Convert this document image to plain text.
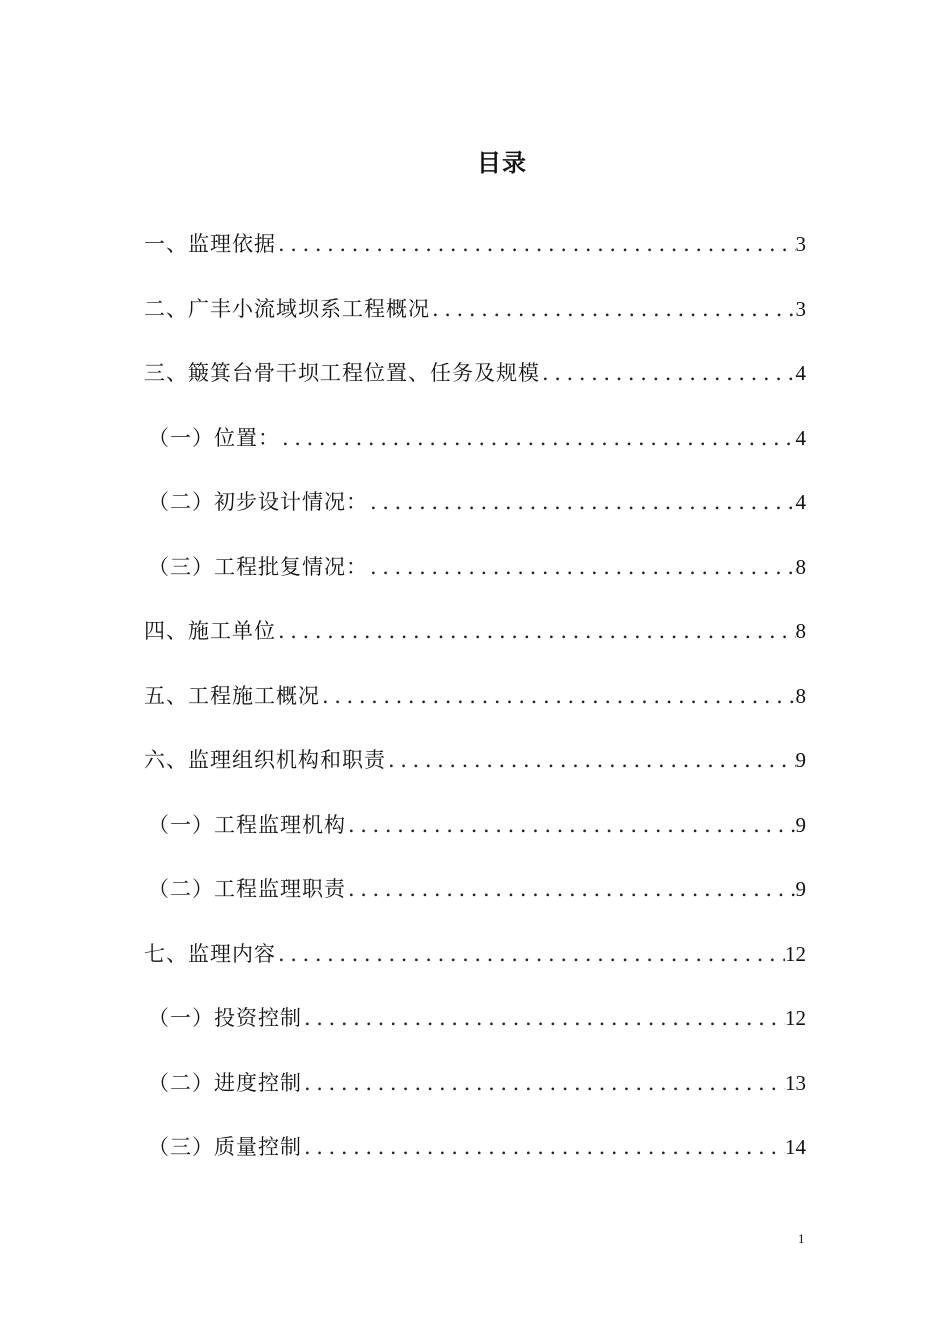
目录
一、监理依据 .....	3
二、广丰小流域坝系工程概况 .....	3
三、簸箕台骨干坝工程位置、任务及规模 .....	4
（一）位置： .....	4
（二）初步设计情况： .....	4
（三）工程批复情况： .....	8
四、施工单位 .....	8
五、工程施工概况 .....	8
六、监理组织机构和职责 .....	9
（一）工程监理机构 .....	9
（二）工程监理职责 .....	9
七、监理内容 .....	12
（一）投资控制 .....	12
（二）进度控制 .....	13
（三）质量控制 .....	14
1
